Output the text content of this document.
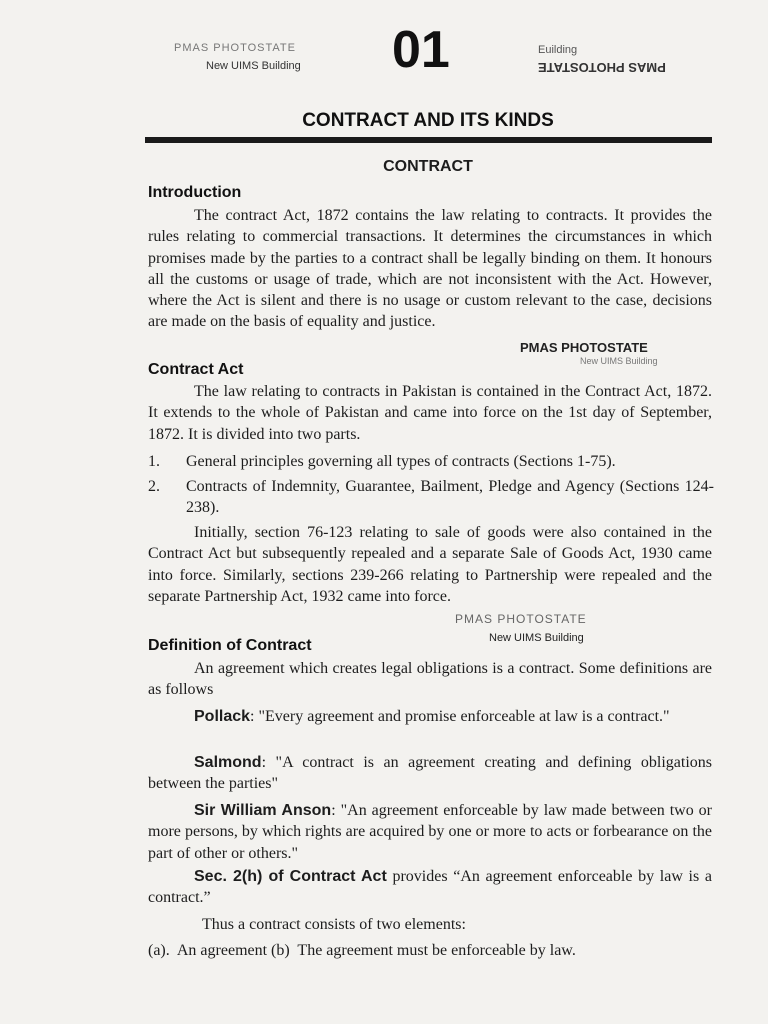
PMAS PHOTOSTATE
New UIMS Building 01	Euilding
PMAS PHOTOSTATE
CONTRACT AND ITS KINDS
CONTRACT
Introduction

The contract Act, 1872 contains the law relating to contracts. It provides the rules relating to commercial transactions. It determines the circumstances in which promises made by the parties to a contract shall be legally binding on them. It honours all the customs or usage of trade, which are not inconsistent with the Act. However, where the Act is silent and there is no usage or custom relevant to the case, decisions are made on the basis of equality and justice.

PMAS PHOTOSTATE
New UIMS Building
Contract Act

The law relating to contracts in Pakistan is contained in the Contract Act, 1872. It extends to the whole of Pakistan and came into force on the 1st day of September, 1872. It is divided into two parts.

1. General principles governing all types of contracts (Sections 1-75).
2. Contracts of Indemnity, Guarantee, Bailment, Pledge and Agency (Sections 124-238).

Initially, section 76-123 relating to sale of goods were also contained in the Contract Act but subsequently repealed and a separate Sale of Goods Act, 1930 came into force. Similarly, sections 239-266 relating to Partnership were repealed and the separate Partnership Act, 1932 came into force.

PMAS PHOTOSTATE
New UIMS Building
Definition of Contract

An agreement which creates legal obligations is a contract. Some definitions are as follows

Pollack: "Every agreement and promise enforceable at law is a contract."

Salmond: "A contract is an agreement creating and defining obligations between the parties"

Sir William Anson: "An agreement enforceable by law made between two or more persons, by which rights are acquired by one or more to acts or forbearance on the part of other or others."

Sec. 2(h) of Contract Act provides “An agreement enforceable by law is a contract.”

Thus a contract consists of two elements:

(a).  An agreement (b)  The agreement must be enforceable by law.
